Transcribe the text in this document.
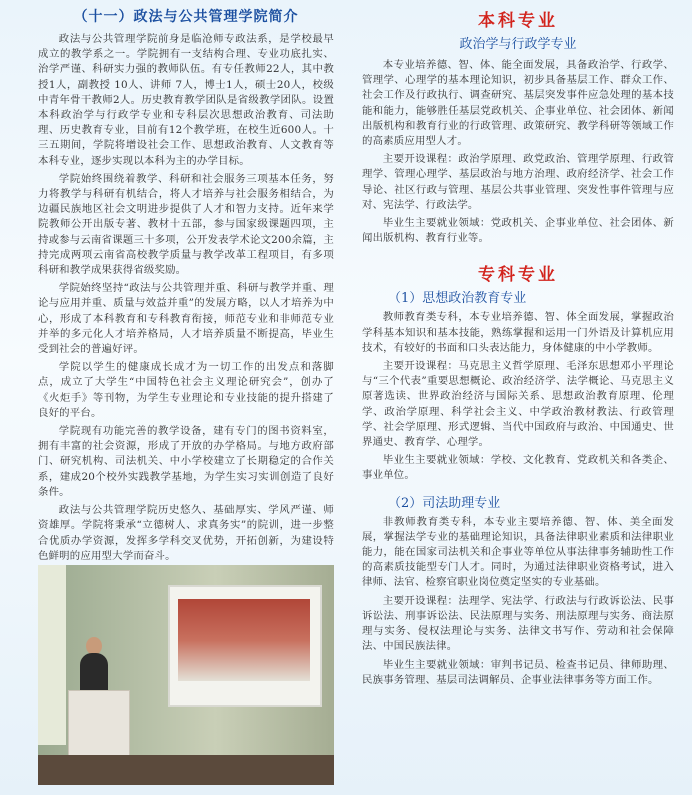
（十一）政法与公共管理学院简介

政法与公共管理学院前身是临沧师专政法系，是学校最早成立的教学系之一。学院拥有一支结构合理、专业功底扎实、治学严谨、科研实力强的教师队伍。有专任教师22人，其中教授1人，副教授 10人、讲师 7人，博士1人，硕士20人，校级中青年骨干教师2人。历史教育教学团队是省级教学团队。设置本科政治学与行政学专业和专科层次思想政治教育、司法助理、历史教育专业，目前有12个教学班，在校生近600人。十三五期间，学院将增设社会工作、思想政治教育、人文教育等本科专业，逐步实现以本科为主的办学目标。

学院始终围绕着教学、科研和社会服务三项基本任务，努力将教学与科研有机结合，将人才培养与社会服务相结合，为边疆民族地区社会文明进步提供了人才和智力支持。近年来学院教师公开出版专著、教材十五部，参与国家级课题四项，主持或参与云南省课题三十多项，公开发表学术论文200余篇，主持完成两项云南省高校教学质量与教学改革工程项目，有多项科研和教学成果获得省级奖励。

学院始终坚持“政法与公共管理并重、科研与教学并重、理论与应用并重、质量与效益并重”的发展方略，以人才培养为中心，形成了本科教育和专科教育衔接，师范专业和非师范专业并举的多元化人才培养格局，人才培养质量不断提高，毕业生受到社会的普遍好评。

学院以学生的健康成长成才为一切工作的出发点和落脚点，成立了大学生“中国特色社会主义理论研究会”，创办了《火炬手》等刊物，为学生专业理论和专业技能的提升搭建了良好的平台。

学院现有功能完善的教学设备，建有专门的图书资料室，拥有丰富的社会资源，形成了开放的办学格局。与地方政府部门、研究机构、司法机关、中小学校建立了长期稳定的合作关系，建成20个校外实践教学基地，为学生实习实训创造了良好条件。

政法与公共管理学院历史悠久、基础厚实、学风严谨、师资雄厚。学院将秉承“立德树人、求真务实”的院训，进一步整合优质办学资源，发挥多学科交叉优势，开拓创新，为建设特色鲜明的应用型大学而奋斗。

本科专业
政治学与行政学专业

本专业培养德、智、体、能全面发展，具备政治学、行政学、管理学、心理学的基本理论知识，初步具备基层工作、群众工作、社会工作及行政执行、调查研究、基层突发事件应急处理的基本技能和能力，能够胜任基层党政机关、企事业单位、社会团体、新闻出版机构和教育行业的行政管理、政策研究、教学科研等领域工作的高素质应用型人才。

主要开设课程：政治学原理、政党政治、管理学原理、行政管理学、管理心理学、基层政治与地方治理、政府经济学、社会工作导论、社区行政与管理、基层公共事业管理、突发性事件管理与应对、宪法学、行政法学。

毕业生主要就业领域：党政机关、企事业单位、社会团体、新闻出版机构、教育行业等。

专科专业
（1）思想政治教育专业

教师教育类专科，本专业培养德、智、体全面发展，掌握政治学科基本知识和基本技能，熟练掌握和运用一门外语及计算机应用技术，有较好的书面和口头表达能力，身体健康的中小学教师。

主要开设课程：马克思主义哲学原理、毛泽东思想邓小平理论与“三个代表”重要思想概论、政治经济学、法学概论、马克思主义原著选读、世界政治经济与国际关系、思想政治教育原理、伦理学、政治学原理、科学社会主义、中学政治教材教法、行政管理学、社会学原理、形式逻辑、当代中国政府与政治、中国通史、世界通史、教育学、心理学。

毕业生主要就业领域：学校、文化教育、党政机关和各类企、事业单位。

（2）司法助理专业

非教师教育类专科，本专业主要培养德、智、体、美全面发展，掌握法学专业的基础理论知识，具备法律职业素质和法律职业能力，能在国家司法机关和企事业等单位从事法律事务辅助性工作的高素质技能型专门人才。同时，为通过法律职业资格考试，进入律师、法官、检察官职业岗位奠定坚实的专业基础。

主要开设课程：法理学、宪法学、行政法与行政诉讼法、民事诉讼法、刑事诉讼法、民法原理与实务、刑法原理与实务、商法原理与实务、侵权法理论与实务、法律文书写作、劳动和社会保障法、中国民族法律。

毕业生主要就业领域：审判书记员、检查书记员、律师助理、民族事务管理、基层司法调解员、企事业法律事务等方面工作。
